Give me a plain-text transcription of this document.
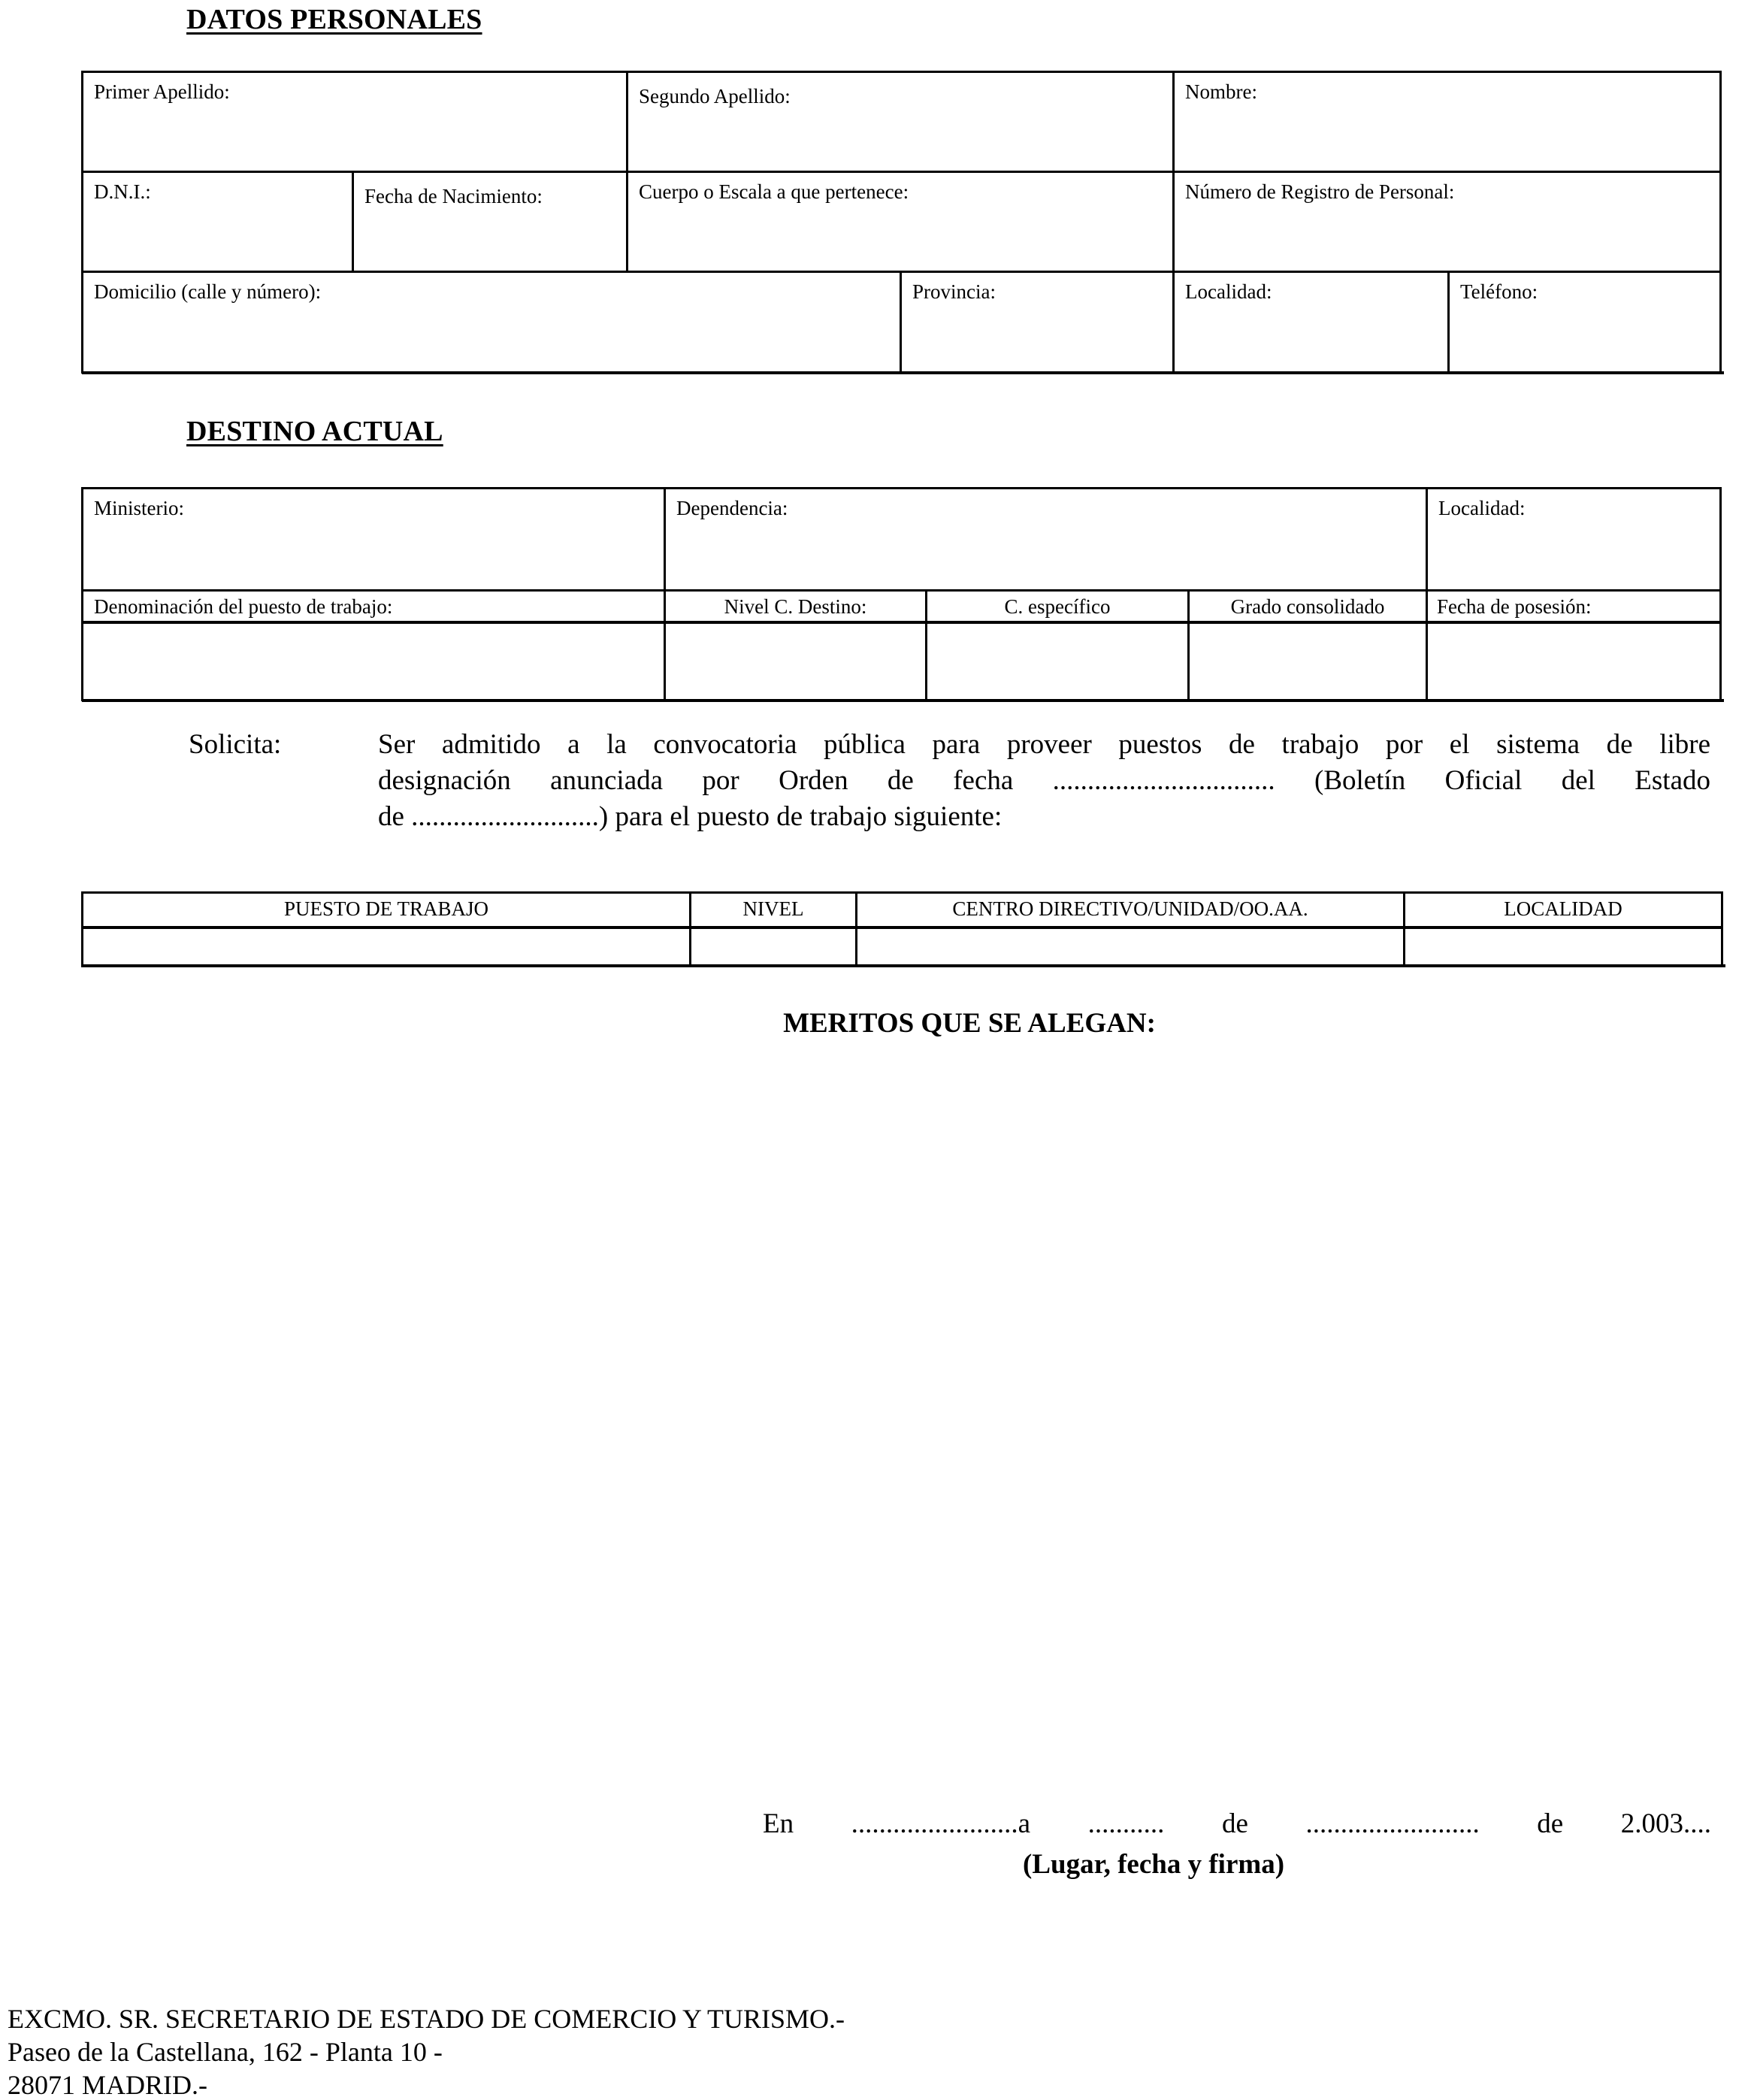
DATOS PERSONALES
Primer Apellido:	Segundo Apellido:	Nombre:
D.N.I.:	Fecha de Nacimiento:	Cuerpo o Escala a que pertenece:	Número de Registro de Personal:
Domicilio (calle y número):	Provincia:	Localidad:	Teléfono:
DESTINO ACTUAL
Ministerio:	Dependencia:	Localidad:
Denominación del puesto de trabajo:	Nivel C. Destino:	C. específico	Grado consolidado	Fecha de posesión:
Solicita:	Ser admitido a la convocatoria pública para proveer puestos de trabajo por el sistema de libre
designación anunciada por Orden de fecha ................................ (Boletín Oficial del Estado
de ...........................) para el puesto de trabajo siguiente:
PUESTO DE TRABAJO	NIVEL	CENTRO DIRECTIVO/UNIDAD/OO.AA.	LOCALIDAD
MERITOS QUE SE ALEGAN:
En ........................a ........... de ......................... de 2.003....
(Lugar, fecha y firma)
EXCMO. SR. SECRETARIO DE ESTADO DE COMERCIO Y TURISMO.-
Paseo de la Castellana, 162 - Planta 10 -
28071 MADRID.-
